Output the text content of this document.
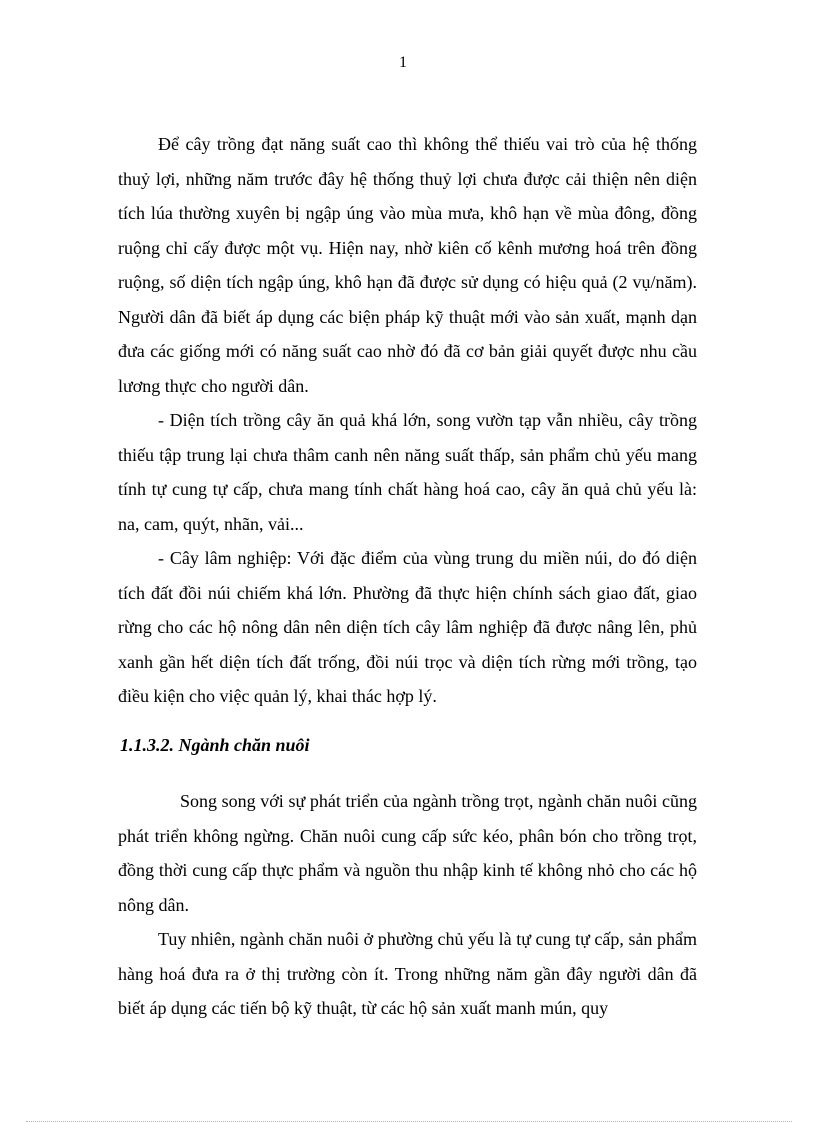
1

Để cây trồng đạt năng suất cao thì không thể thiếu vai trò của hệ thống thuỷ lợi, những năm trước đây hệ thống thuỷ lợi chưa được cải thiện nên diện tích lúa thường xuyên bị ngập úng vào mùa mưa, khô hạn về mùa đông, đồng ruộng chỉ cấy được một vụ. Hiện nay, nhờ kiên cố kênh mương hoá trên đồng ruộng, số diện tích ngập úng, khô hạn đã được sử dụng có hiệu quả (2 vụ/năm). Người dân đã biết áp dụng các biện pháp kỹ thuật mới vào sản xuất, mạnh dạn đưa các giống mới có năng suất cao nhờ đó đã cơ bản giải quyết được nhu cầu lương thực cho người dân.

- Diện tích trồng cây ăn quả khá lớn, song vườn tạp vẫn nhiều, cây trồng thiếu tập trung lại chưa thâm canh nên năng suất thấp, sản phẩm chủ yếu mang tính tự cung tự cấp, chưa mang tính chất hàng hoá cao, cây ăn quả chủ yếu là: na, cam, quýt, nhãn, vải...

- Cây lâm nghiệp: Với đặc điểm của vùng trung du miền núi, do đó diện tích đất đồi núi chiếm khá lớn. Phường đã thực hiện chính sách giao đất, giao rừng cho các hộ nông dân nên diện tích cây lâm nghiệp đã được nâng lên, phủ xanh gần hết diện tích đất trống, đồi núi trọc và diện tích rừng mới trồng, tạo điều kiện cho việc quản lý, khai thác hợp lý.

1.1.3.2. Ngành chăn nuôi

Song song với sự phát triển của ngành trồng trọt, ngành chăn nuôi cũng phát triển không ngừng. Chăn nuôi cung cấp sức kéo, phân bón cho trồng trọt, đồng thời cung cấp thực phẩm và nguồn thu nhập kinh tế không nhỏ cho các hộ nông dân.

Tuy nhiên, ngành chăn nuôi ở phường chủ yếu là tự cung tự cấp, sản phẩm hàng hoá đưa ra ở thị trường còn ít. Trong những năm gần đây người dân đã biết áp dụng các tiến bộ kỹ thuật, từ các hộ sản xuất manh mún, quy
